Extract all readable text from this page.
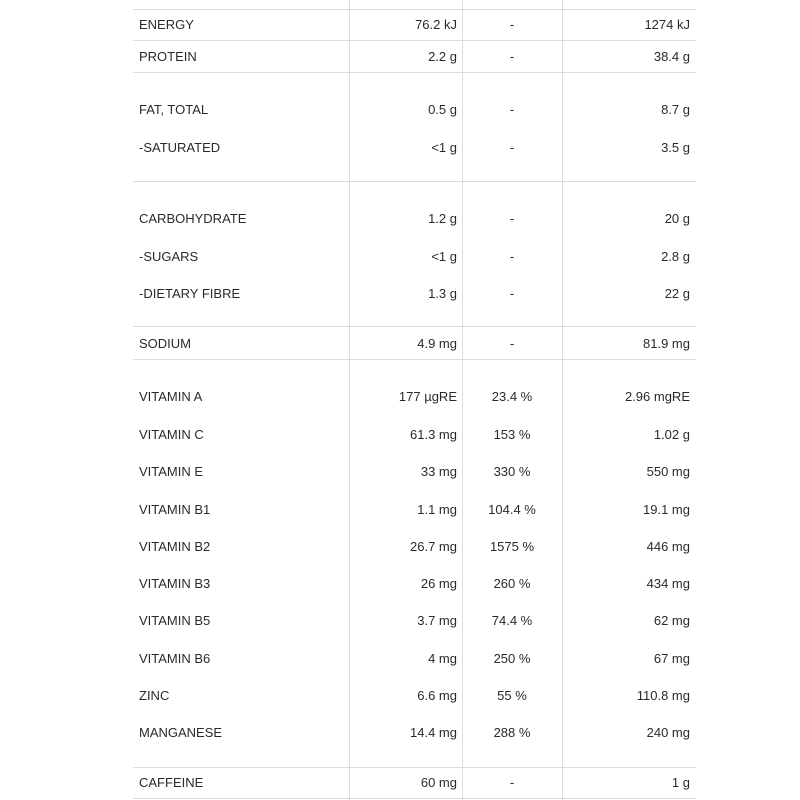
ENERGY	76.2 kJ	-	1274 kJ
PROTEIN	2.2 g	-	38.4 g
FAT, TOTAL	0.5 g	-	8.7 g
-SATURATED	<1 g	-	3.5 g
CARBOHYDRATE	1.2 g	-	20 g
-SUGARS	<1 g	-	2.8 g
-DIETARY FIBRE	1.3 g	-	22 g
SODIUM	4.9 mg	-	81.9 mg
VITAMIN A	177 µgRE	23.4 %	2.96 mgRE
VITAMIN C	61.3 mg	153 %	1.02 g
VITAMIN E	33 mg	330 %	550 mg
VITAMIN B1	1.1 mg	104.4 %	19.1 mg
VITAMIN B2	26.7 mg	1575 %	446 mg
VITAMIN B3	26 mg	260 %	434 mg
VITAMIN B5	3.7 mg	74.4 %	62 mg
VITAMIN B6	4 mg	250 %	67 mg
ZINC	6.6 mg	55 %	110.8 mg
MANGANESE	14.4 mg	288 %	240 mg
CAFFEINE	60 mg	-	1 g
